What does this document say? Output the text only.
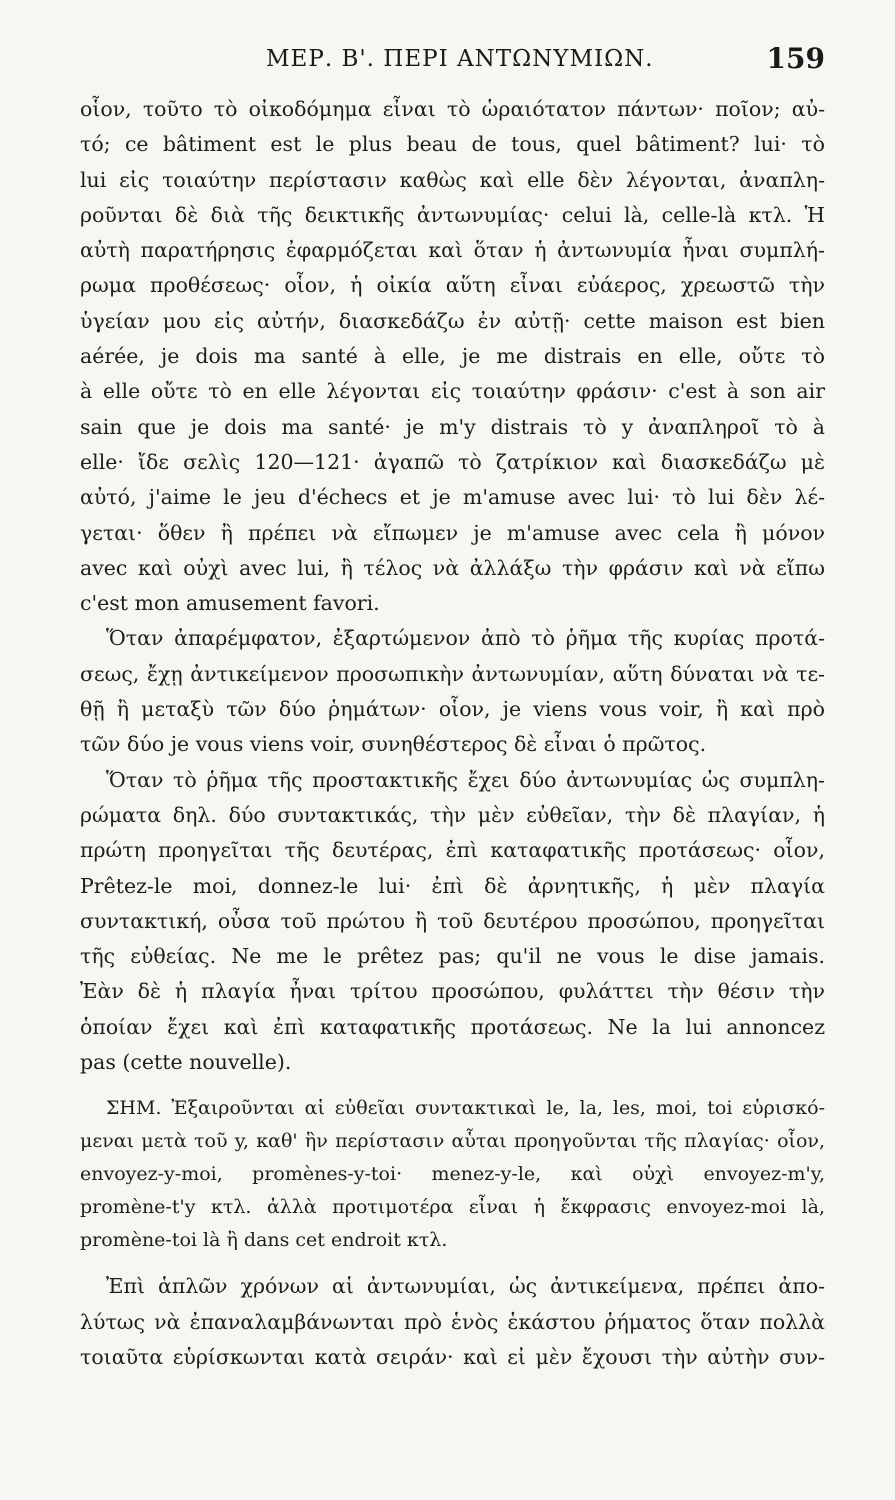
ΜΕΡ. Β'. ΠΕΡΙ ΑΝΤΩΝΥΜΙΩΝ.	159
οἷον, τοῦτο τὸ οἰκοδόμημα εἶναι τὸ ὡραιότατον πάντων· ποῖον; αὐ-
τό; ce bâtiment est le plus beau de tous, quel bâtiment? lui· τὸ
lui εἰς τοιαύτην περίστασιν καθὼς καὶ elle δὲν λέγονται, ἀναπλη-
ροῦνται δὲ διὰ τῆς δεικτικῆς ἀντωνυμίας· celui là, celle-là κτλ. Ἡ
αὐτὴ παρατήρησις ἐφαρμόζεται καὶ ὅταν ἡ ἀντωνυμία ἦναι συμπλή-
ρωμα προθέσεως· οἷον, ἡ οἰκία αὕτη εἶναι εὐάερος, χρεωστῶ τὴν
ὑγείαν μου εἰς αὐτήν, διασκεδάζω ἐν αὐτῇ· cette maison est bien
aérée, je dois ma santé à elle, je me distrais en elle, οὔτε τὸ
à elle οὔτε τὸ en elle λέγονται εἰς τοιαύτην φράσιν· c'est à son air
sain que je dois ma santé· je m'y distrais τὸ y ἀναπληροῖ τὸ à
elle· ἴδε σελὶς 120—121· ἀγαπῶ τὸ ζατρίκιον καὶ διασκεδάζω μὲ
αὐτό, j'aime le jeu d'échecs et je m'amuse avec lui· τὸ lui δὲν λέ-
γεται· ὅθεν ἢ πρέπει νὰ εἴπωμεν je m'amuse avec cela ἢ μόνον
avec καὶ οὐχὶ avec lui, ἢ τέλος νὰ ἀλλάξω τὴν φράσιν καὶ νὰ εἴπω
c'est mon amusement favori.
Ὅταν ἀπαρέμφατον, ἐξαρτώμενον ἀπὸ τὸ ῥῆμα τῆς κυρίας προτά-
σεως, ἔχῃ ἀντικείμενον προσωπικὴν ἀντωνυμίαν, αὕτη δύναται νὰ τε-
θῇ ἢ μεταξὺ τῶν δύο ῥημάτων· οἷον, je viens vous voir, ἢ καὶ πρὸ
τῶν δύο je vous viens voir, συνηθέστερος δὲ εἶναι ὁ πρῶτος.
Ὅταν τὸ ῥῆμα τῆς προστακτικῆς ἔχει δύο ἀντωνυμίας ὡς συμπλη-
ρώματα δηλ. δύο συντακτικάς, τὴν μὲν εὐθεῖαν, τὴν δὲ πλαγίαν, ἡ
πρώτη προηγεῖται τῆς δευτέρας, ἐπὶ καταφατικῆς προτάσεως· οἷον,
Prêtez-le moi, donnez-le lui· ἐπὶ δὲ ἀρνητικῆς, ἡ μὲν πλαγία
συντακτική, οὖσα τοῦ πρώτου ἢ τοῦ δευτέρου προσώπου, προηγεῖται
τῆς εὐθείας. Ne me le prêtez pas; qu'il ne vous le dise jamais.
Ἐὰν δὲ ἡ πλαγία ἦναι τρίτου προσώπου, φυλάττει τὴν θέσιν τὴν
ὁποίαν ἔχει καὶ ἐπὶ καταφατικῆς προτάσεως. Ne la lui annoncez
pas (cette nouvelle).
ΣΗΜ. Ἐξαιροῦνται αἱ εὐθεῖαι συντακτικαὶ le, la, les, moi, toi εὑρισκό-
μεναι μετὰ τοῦ y, καθ' ἣν περίστασιν αὗται προηγοῦνται τῆς πλαγίας· οἷον,
envoyez-y-moi, promènes-y-toi· menez-y-le, καὶ οὐχὶ envoyez-m'y,
promène-t'y κτλ. ἀλλὰ προτιμοτέρα εἶναι ἡ ἔκφρασις envoyez-moi là,
promène-toi là ἢ dans cet endroit κτλ.
Ἐπὶ ἁπλῶν χρόνων αἱ ἀντωνυμίαι, ὡς ἀντικείμενα, πρέπει ἀπο-
λύτως νὰ ἐπαναλαμβάνωνται πρὸ ἑνὸς ἑκάστου ῥήματος ὅταν πολλὰ
τοιαῦτα εὑρίσκωνται κατὰ σειράν· καὶ εἰ μὲν ἔχουσι τὴν αὐτὴν συν-
